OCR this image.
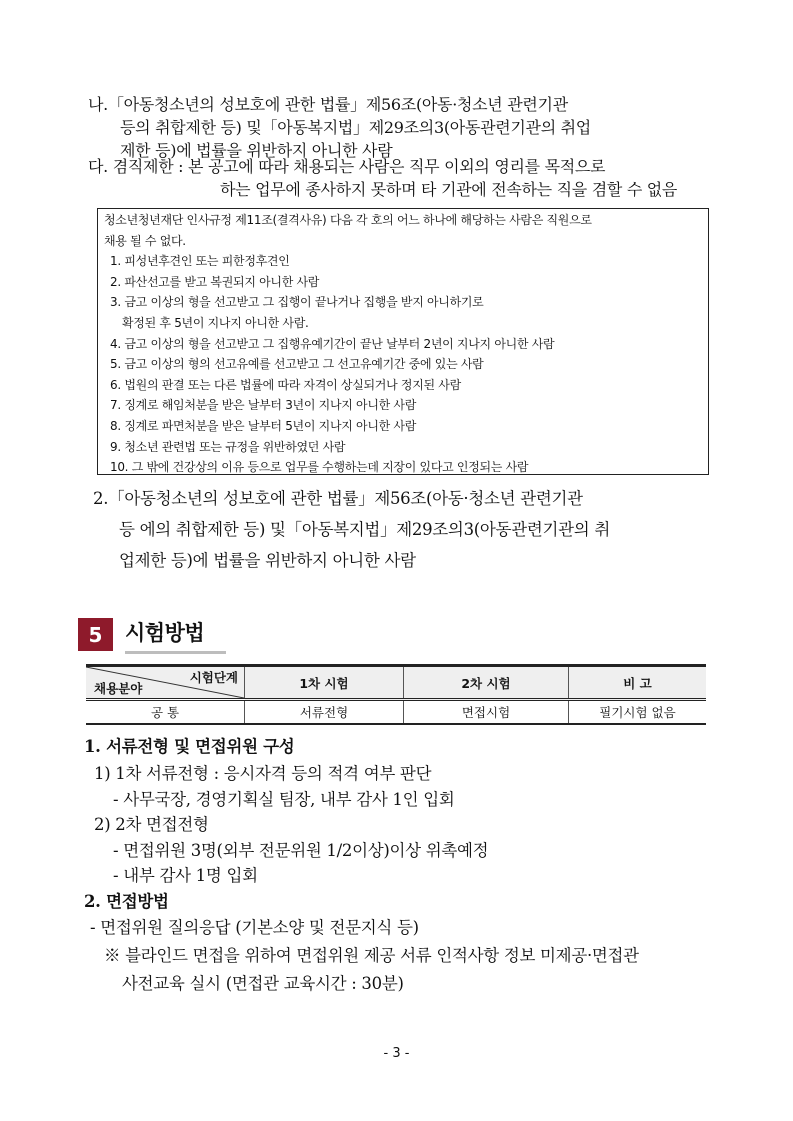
나.「아동청소년의 성보호에 관한 법률」제56조(아동·청소년 관련기관
등의 취합제한 등) 및「아동복지법」제29조의3(아동관련기관의 취업
제한 등)에 법률을 위반하지 아니한 사람
다. 겸직제한 : 본 공고에 따라 채용되는 사람은 직무 이외의 영리를 목적으로
하는 업무에 종사하지 못하며 타 기관에 전속하는 직을 겸할 수 없음
청소년청년재단 인사규정 제11조(결격사유) 다음 각 호의 어느 하나에 해당하는 사람은 직원으로
채용 될 수 없다.
1. 피성년후견인 또는 피한정후견인
2. 파산선고를 받고 복권되지 아니한 사람
3. 금고 이상의 형을 선고받고 그 집행이 끝나거나 집행을 받지 아니하기로
확정된 후 5년이 지나지 아니한 사람.
4. 금고 이상의 형을 선고받고 그 집행유예기간이 끝난 날부터 2년이 지나지 아니한 사람
5. 금고 이상의 형의 선고유예를 선고받고 그 선고유예기간 중에 있는 사람
6. 법원의 판결 또는 다른 법률에 따라 자격이 상실되거나 정지된 사람
7. 징계로 해임처분을 받은 날부터 3년이 지나지 아니한 사람
8. 징계로 파면처분을 받은 날부터 5년이 지나지 아니한 사람
9. 청소년 관련법 또는 규정을 위반하였던 사람
10. 그 밖에 건강상의 이유 등으로 업무를 수행하는데 지장이 있다고 인정되는 사람
2.「아동청소년의 성보호에 관한 법률」제56조(아동·청소년 관련기관
등 에의 취합제한 등) 및「아동복지법」제29조의3(아동관련기관의 취
업제한 등)에 법률을 위반하지 아니한 사람
5	시험방법
시험단계
채용분야	1차 시험	2차 시험	비 고
공 통	서류전형	면접시험	필기시험 없음
1. 서류전형 및 면접위원 구성
1) 1차 서류전형 : 응시자격 등의 적격 여부 판단
- 사무국장, 경영기획실 팀장, 내부 감사 1인 입회
2) 2차 면접전형
- 면접위원 3명(외부 전문위원 1/2이상)이상 위촉예정
- 내부 감사 1명 입회
2. 면접방법
- 면접위원 질의응답 (기본소양 및 전문지식 등)
※ 블라인드 면접을 위하여 면접위원 제공 서류 인적사항 정보 미제공·면접관
사전교육 실시 (면접관 교육시간 : 30분)
- 3 -
